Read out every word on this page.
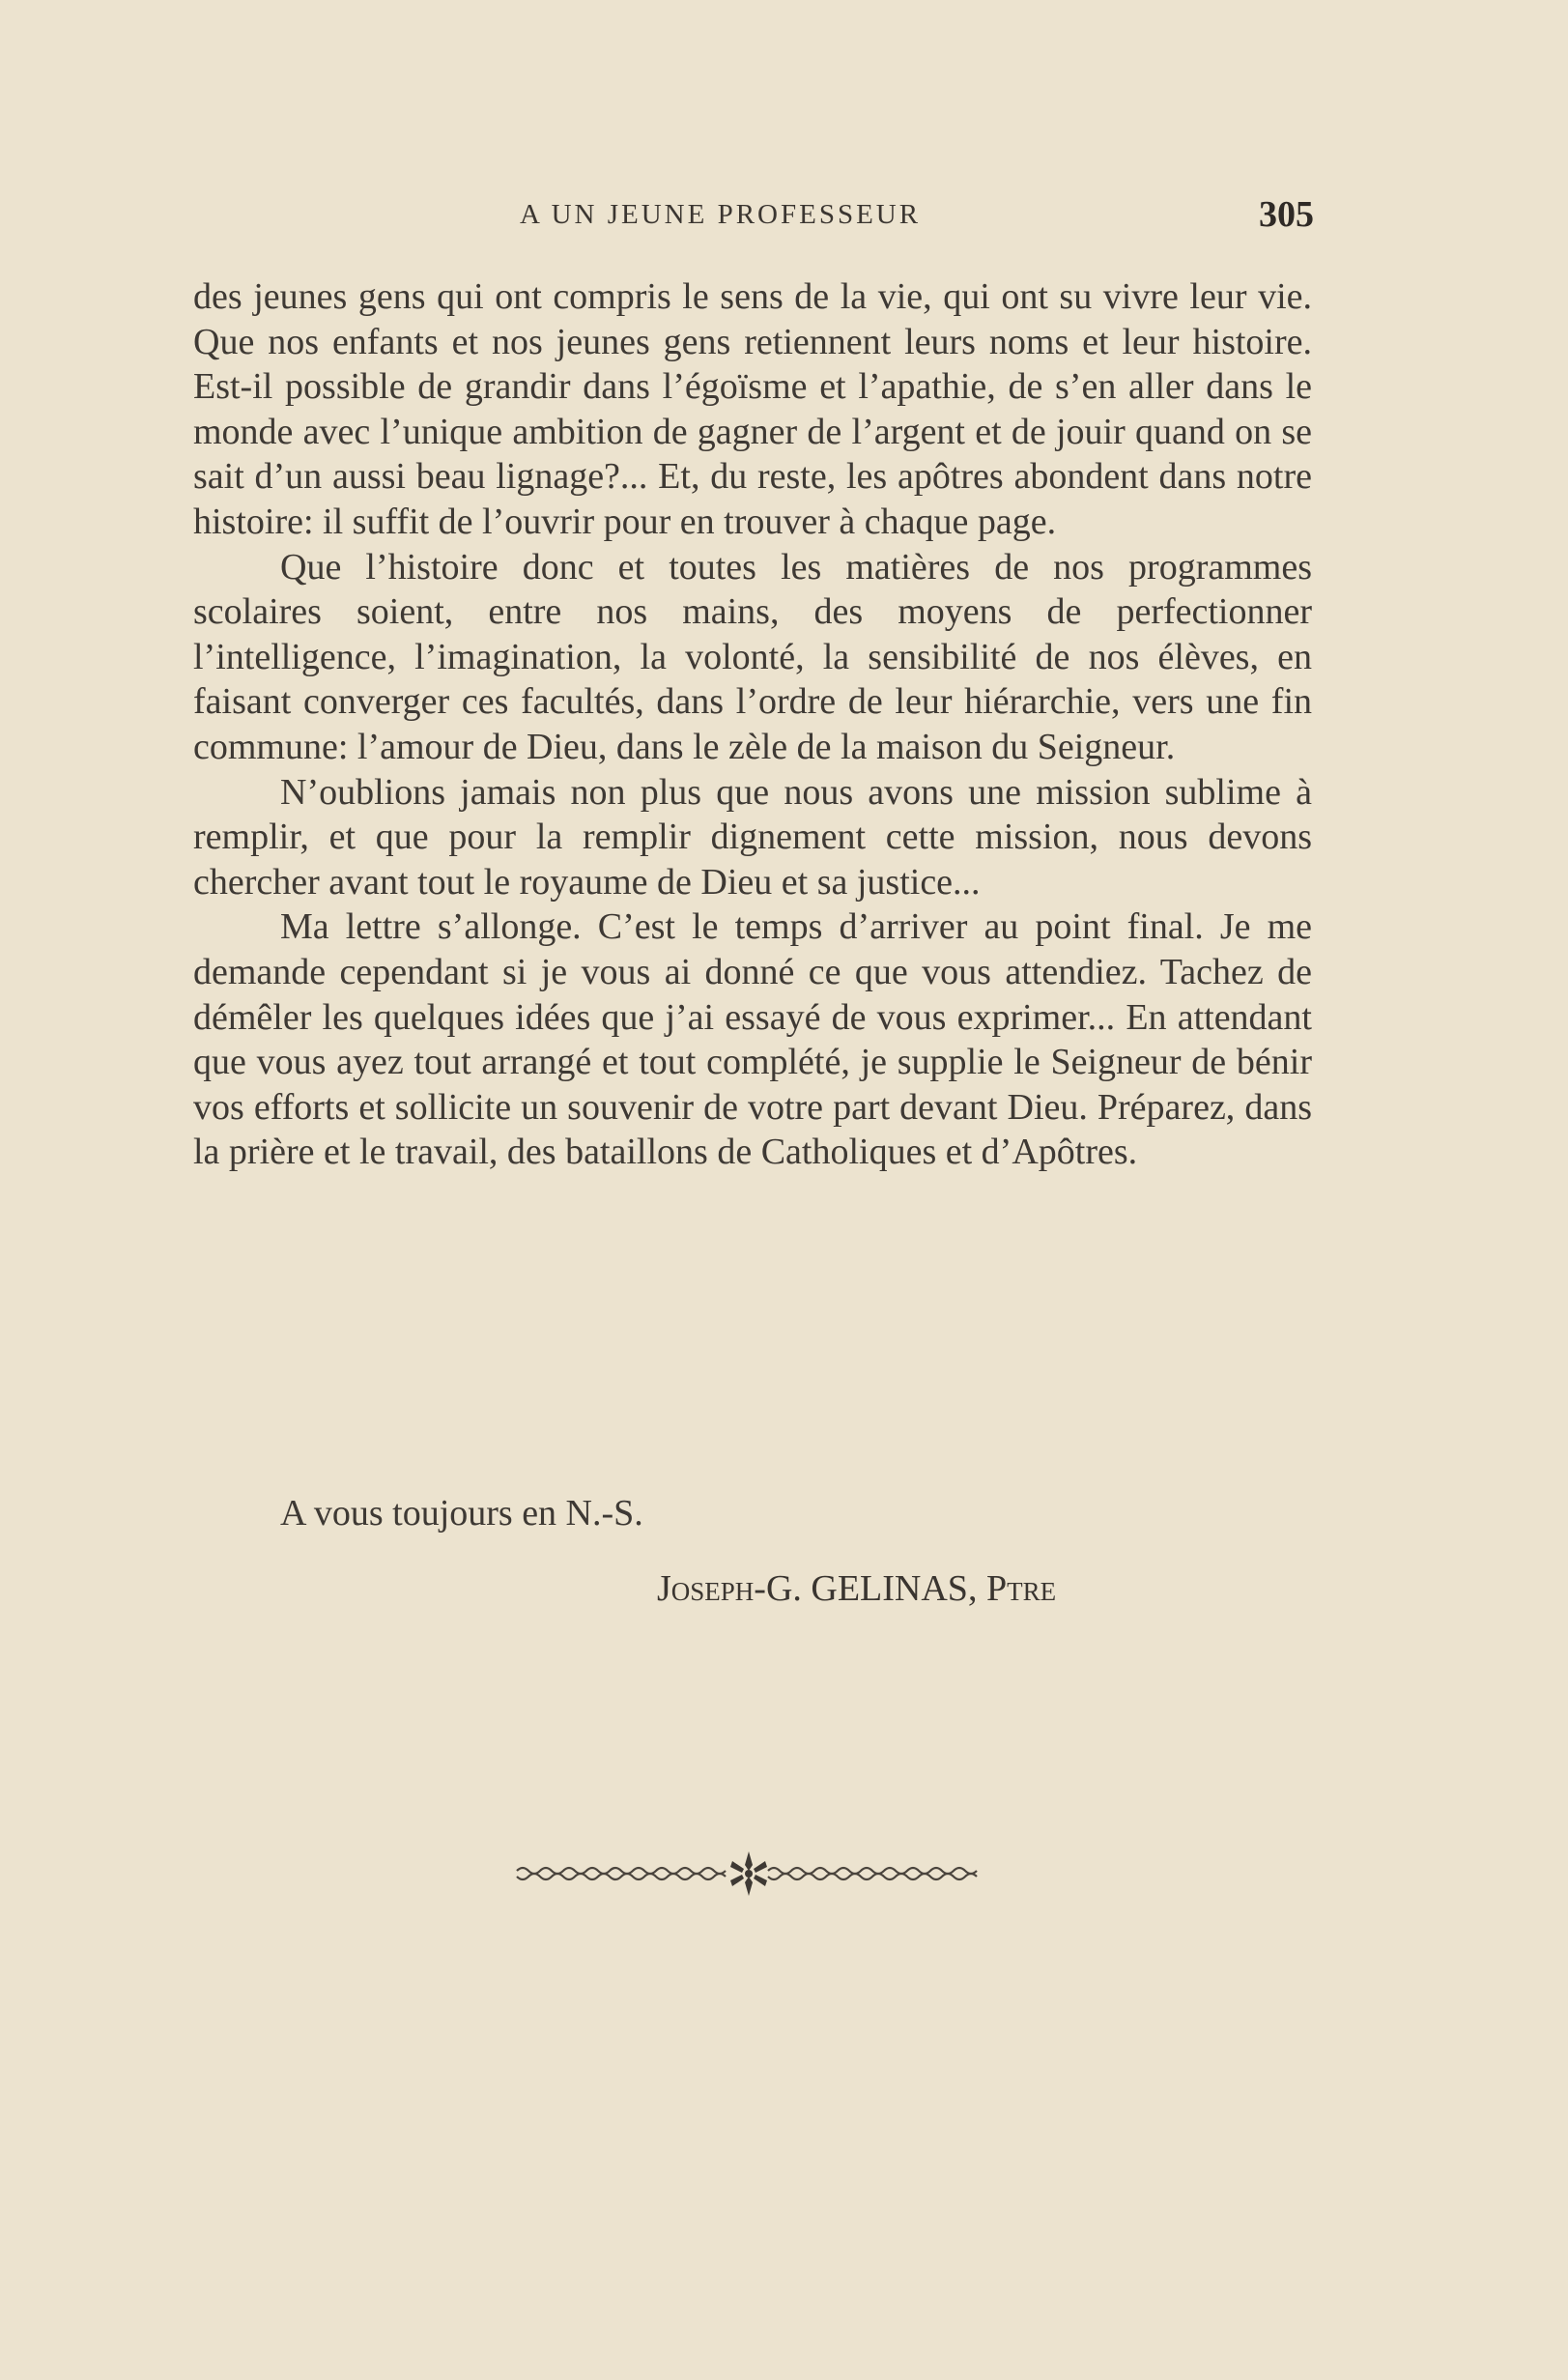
A UN JEUNE PROFESSEUR	305

des jeunes gens qui ont compris le sens de la vie, qui ont su vivre leur vie. Que nos enfants et nos jeunes gens retiennent leurs noms et leur histoire. Est-il possible de grandir dans l’égoïsme et l’apathie, de s’en aller dans le monde avec l’unique ambition de gagner de l’argent et de jouir quand on se sait d’un aussi beau lignage?... Et, du reste, les apôtres abondent dans notre histoire: il suffit de l’ouvrir pour en trouver à chaque page.

Que l’histoire donc et toutes les matières de nos programmes scolaires soient, entre nos mains, des moyens de perfectionner l’intelligence, l’imagination, la volonté, la sensibilité de nos élèves, en faisant converger ces facultés, dans l’ordre de leur hiérarchie, vers une fin commune: l’amour de Dieu, dans le zèle de la maison du Seigneur.

N’oublions jamais non plus que nous avons une mission sublime à remplir, et que pour la remplir dignement cette mission, nous devons chercher avant tout le royaume de Dieu et sa justice...

Ma lettre s’allonge. C’est le temps d’arriver au point final. Je me demande cependant si je vous ai donné ce que vous attendiez. Tachez de démêler les quelques idées que j’ai essayé de vous exprimer... En attendant que vous ayez tout arrangé et tout complété, je supplie le Seigneur de bénir vos efforts et sollicite un souvenir de votre part devant Dieu. Préparez, dans la prière et le travail, des bataillons de Catholiques et d’Apôtres.

A vous toujours en N.-S.
Joseph-G. GELINAS, Ptre
